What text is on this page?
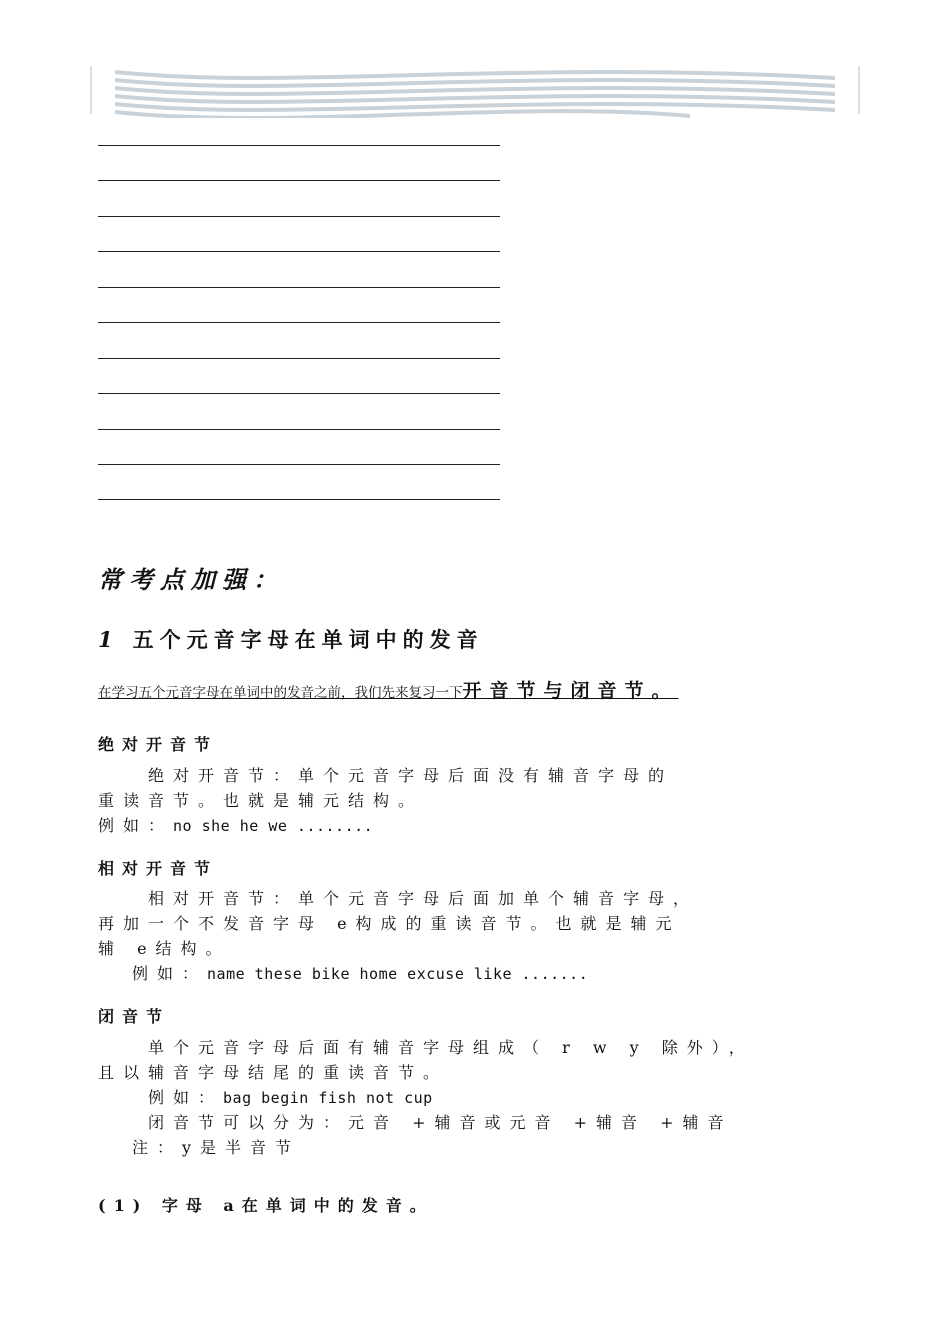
常考点加强：
1 五个元音字母在单词中的发音
在学习五个元音字母在单词中的发音之前，我们先来复习一下开音节与闭音节。
绝对开音节
绝对开音节：单个元音字母后面没有辅音字母的
重读音节。也就是辅元结构。
例如：no she he we ........
相对开音节
相对开音节：单个元音字母后面加单个辅音字母，
再加一个不发音字母 e构成的重读音节。也就是辅元
辅 e结构。
例如：name these bike home excuse like .......
闭音节
单个元音字母后面有辅音字母组成（ r w y 除外），
且以辅音字母结尾的重读音节。
例如：bag begin fish not cup
闭音节可以分为：元音 +辅音或元音 +辅音 +辅音
注：y是半音节
(1) 字母 a在单词中的发音。
